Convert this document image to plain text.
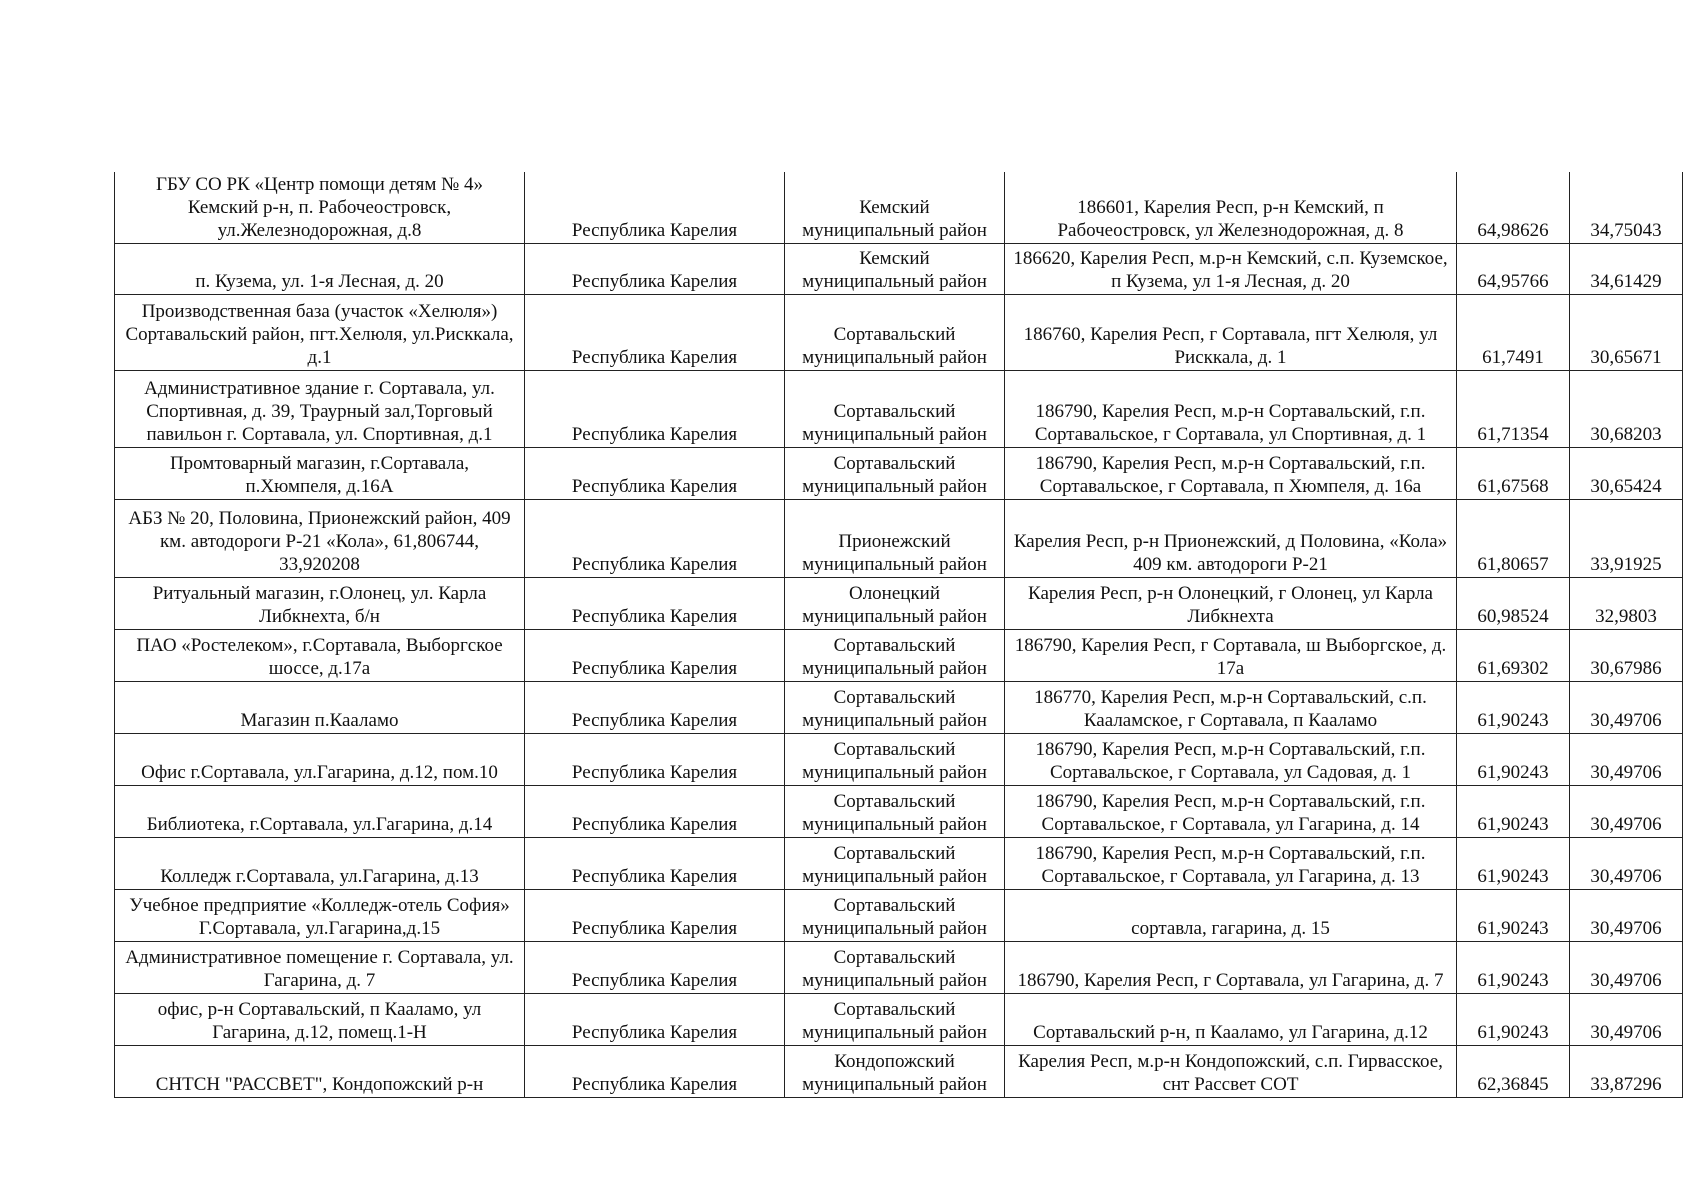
ГБУ СО РК «Центр помощи детям № 4» Кемский р-н, п. Рабочеостровск, ул.Железнодорожная, д.8	Республика Карелия	Кемский муниципальный район	186601, Карелия Респ, р-н Кемский, п Рабочеостровск, ул Железнодорожная, д. 8	64,98626	34,75043
п. Кузема, ул. 1-я Лесная, д. 20	Республика Карелия	Кемский муниципальный район	186620, Карелия Респ, м.р-н Кемский, с.п. Куземское, п Кузема, ул 1-я Лесная, д. 20	64,95766	34,61429
Производственная база (участок «Хелюля») Сортавальский район, пгт.Хелюля, ул.Рисккала, д.1	Республика Карелия	Сортавальский муниципальный район	186760, Карелия Респ, г Сортавала, пгт Хелюля, ул Рисккала, д. 1	61,7491	30,65671
Административное здание г. Сортавала, ул. Спортивная, д. 39, Траурный зал,Торговый павильон г. Сортавала, ул. Спортивная, д.1	Республика Карелия	Сортавальский муниципальный район	186790, Карелия Респ, м.р-н Сортавальский, г.п. Сортавальское, г Сортавала, ул Спортивная, д. 1	61,71354	30,68203
Промтоварный магазин, г.Сортавала, п.Хюмпеля, д.16А	Республика Карелия	Сортавальский муниципальный район	186790, Карелия Респ, м.р-н Сортавальский, г.п. Сортавальское, г Сортавала, п Хюмпеля, д. 16а	61,67568	30,65424
АБЗ № 20, Половина, Прионежский район, 409 км. автодороги Р-21 «Кола», 61,806744, 33,920208	Республика Карелия	Прионежский муниципальный район	Карелия Респ, р-н Прионежский, д Половина, «Кола» 409 км. автодороги Р-21	61,80657	33,91925
Ритуальный магазин, г.Олонец, ул. Карла Либкнехта, б/н	Республика Карелия	Олонецкий муниципальный район	Карелия Респ, р-н Олонецкий, г Олонец, ул Карла Либкнехта	60,98524	32,9803
ПАО «Ростелеком», г.Сортавала, Выборгское шоссе, д.17а	Республика Карелия	Сортавальский муниципальный район	186790, Карелия Респ, г Сортавала, ш Выборгское, д. 17а	61,69302	30,67986
Магазин п.Кааламо	Республика Карелия	Сортавальский муниципальный район	186770, Карелия Респ, м.р-н Сортавальский, с.п. Кааламское, г Сортавала, п Кааламо	61,90243	30,49706
Офис г.Сортавала, ул.Гагарина, д.12, пом.10	Республика Карелия	Сортавальский муниципальный район	186790, Карелия Респ, м.р-н Сортавальский, г.п. Сортавальское, г Сортавала, ул Садовая, д. 1	61,90243	30,49706
Библиотека, г.Сортавала, ул.Гагарина, д.14	Республика Карелия	Сортавальский муниципальный район	186790, Карелия Респ, м.р-н Сортавальский, г.п. Сортавальское, г Сортавала, ул Гагарина, д. 14	61,90243	30,49706
Колледж г.Сортавала, ул.Гагарина, д.13	Республика Карелия	Сортавальский муниципальный район	186790, Карелия Респ, м.р-н Сортавальский, г.п. Сортавальское, г Сортавала, ул Гагарина, д. 13	61,90243	30,49706
Учебное предприятие «Колледж-отель София» Г.Сортавала, ул.Гагарина,д.15	Республика Карелия	Сортавальский муниципальный район	сортавла, гагарина, д. 15	61,90243	30,49706
Административное помещение г. Сортавала, ул. Гагарина, д. 7	Республика Карелия	Сортавальский муниципальный район	186790, Карелия Респ, г Сортавала, ул Гагарина, д. 7	61,90243	30,49706
офис, р-н Сортавальский, п Кааламо, ул Гагарина, д.12, помещ.1-Н	Республика Карелия	Сортавальский муниципальный район	Сортавальский р-н, п Кааламо, ул Гагарина, д.12	61,90243	30,49706
СНТСН "РАССВЕТ", Кондопожский р-н	Республика Карелия	Кондопожский муниципальный район	Карелия Респ, м.р-н Кондопожский, с.п. Гирвасское, снт Рассвет СОТ	62,36845	33,87296
